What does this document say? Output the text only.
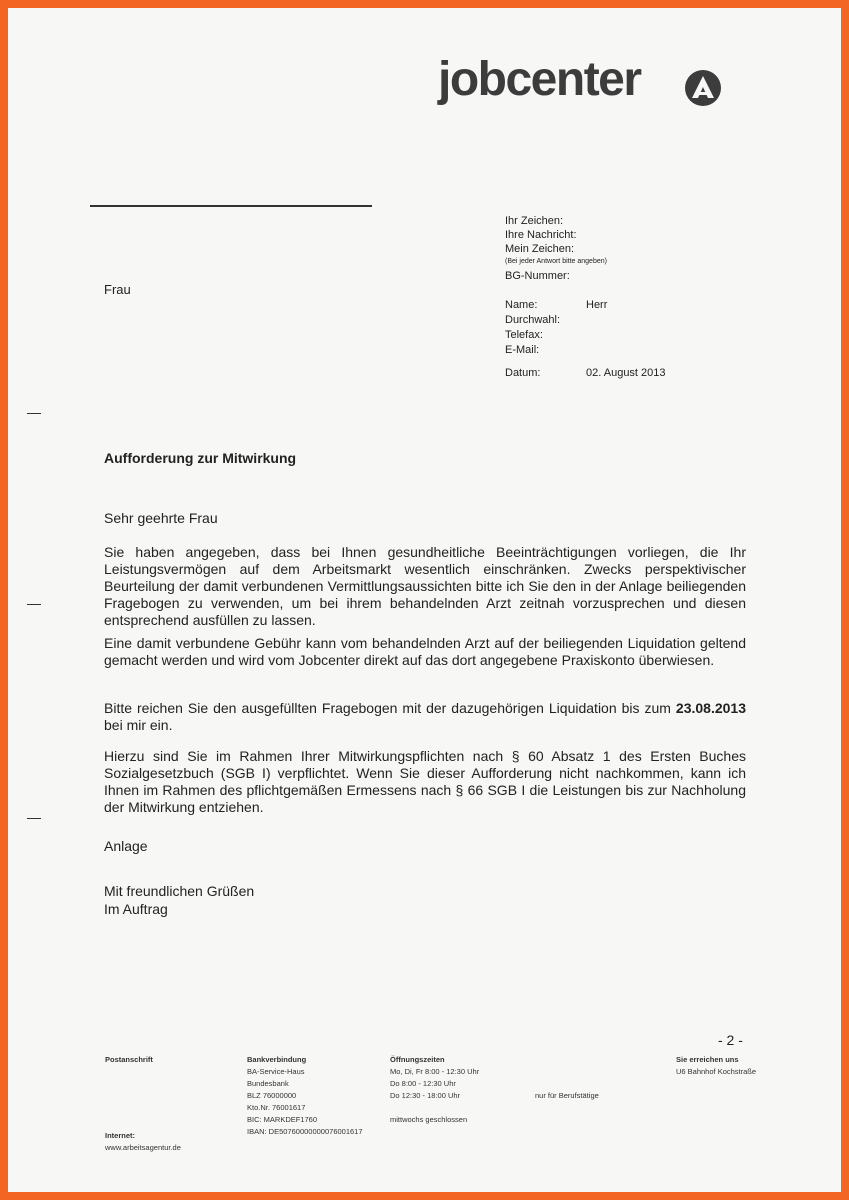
jobcenter
Frau
Ihr Zeichen:
Ihre Nachricht:
Mein Zeichen:
(Bei jeder Antwort bitte angeben)
BG-Nummer:
Name:	Herr
Durchwahl:
Telefax:
E-Mail:
Datum:	02. August 2013
Aufforderung zur Mitwirkung
Sehr geehrte Frau
Sie haben angegeben, dass bei Ihnen gesundheitliche Beeinträchtigungen vorliegen, die Ihr Leistungsvermögen auf dem Arbeitsmarkt wesentlich einschränken. Zwecks perspektivischer Beurteilung der damit verbundenen Vermittlungsaussichten bitte ich Sie den in der Anlage beiliegenden Fragebogen zu verwenden, um bei ihrem behandelnden Arzt zeitnah vorzusprechen und diesen entsprechend ausfüllen zu lassen.
Eine damit verbundene Gebühr kann vom behandelnden Arzt auf der beiliegenden Liquidation geltend gemacht werden und wird vom Jobcenter direkt auf das dort angegebene Praxiskonto überwiesen.
Bitte reichen Sie den ausgefüllten Fragebogen mit der dazugehörigen Liquidation bis zum 23.08.2013 bei mir ein.
Hierzu sind Sie im Rahmen Ihrer Mitwirkungspflichten nach § 60 Absatz 1 des Ersten Buches Sozialgesetzbuch (SGB I) verpflichtet. Wenn Sie dieser Aufforderung nicht nachkommen, kann ich Ihnen im Rahmen des pflichtgemäßen Ermessens nach § 66 SGB I die Leistungen bis zur Nachholung der Mitwirkung entziehen.
Anlage
Mit freundlichen Grüßen
Im Auftrag
- 2 -
Postanschrift	Bankverbindung
BA-Service-Haus
Bundesbank
BLZ 76000000
Kto.Nr. 76001617
BIC: MARKDEF1760
IBAN: DE50760000000076001617
Öffnungszeiten
Mo, Di, Fr 8:00 - 12:30 Uhr
Do 8:00 - 12:30 Uhr
Do 12:30 - 18:00 Uhr
mittwochs geschlossen
nur für Berufstätige
Sie erreichen uns
U6 Bahnhof Kochstraße
Internet:
www.arbeitsagentur.de
